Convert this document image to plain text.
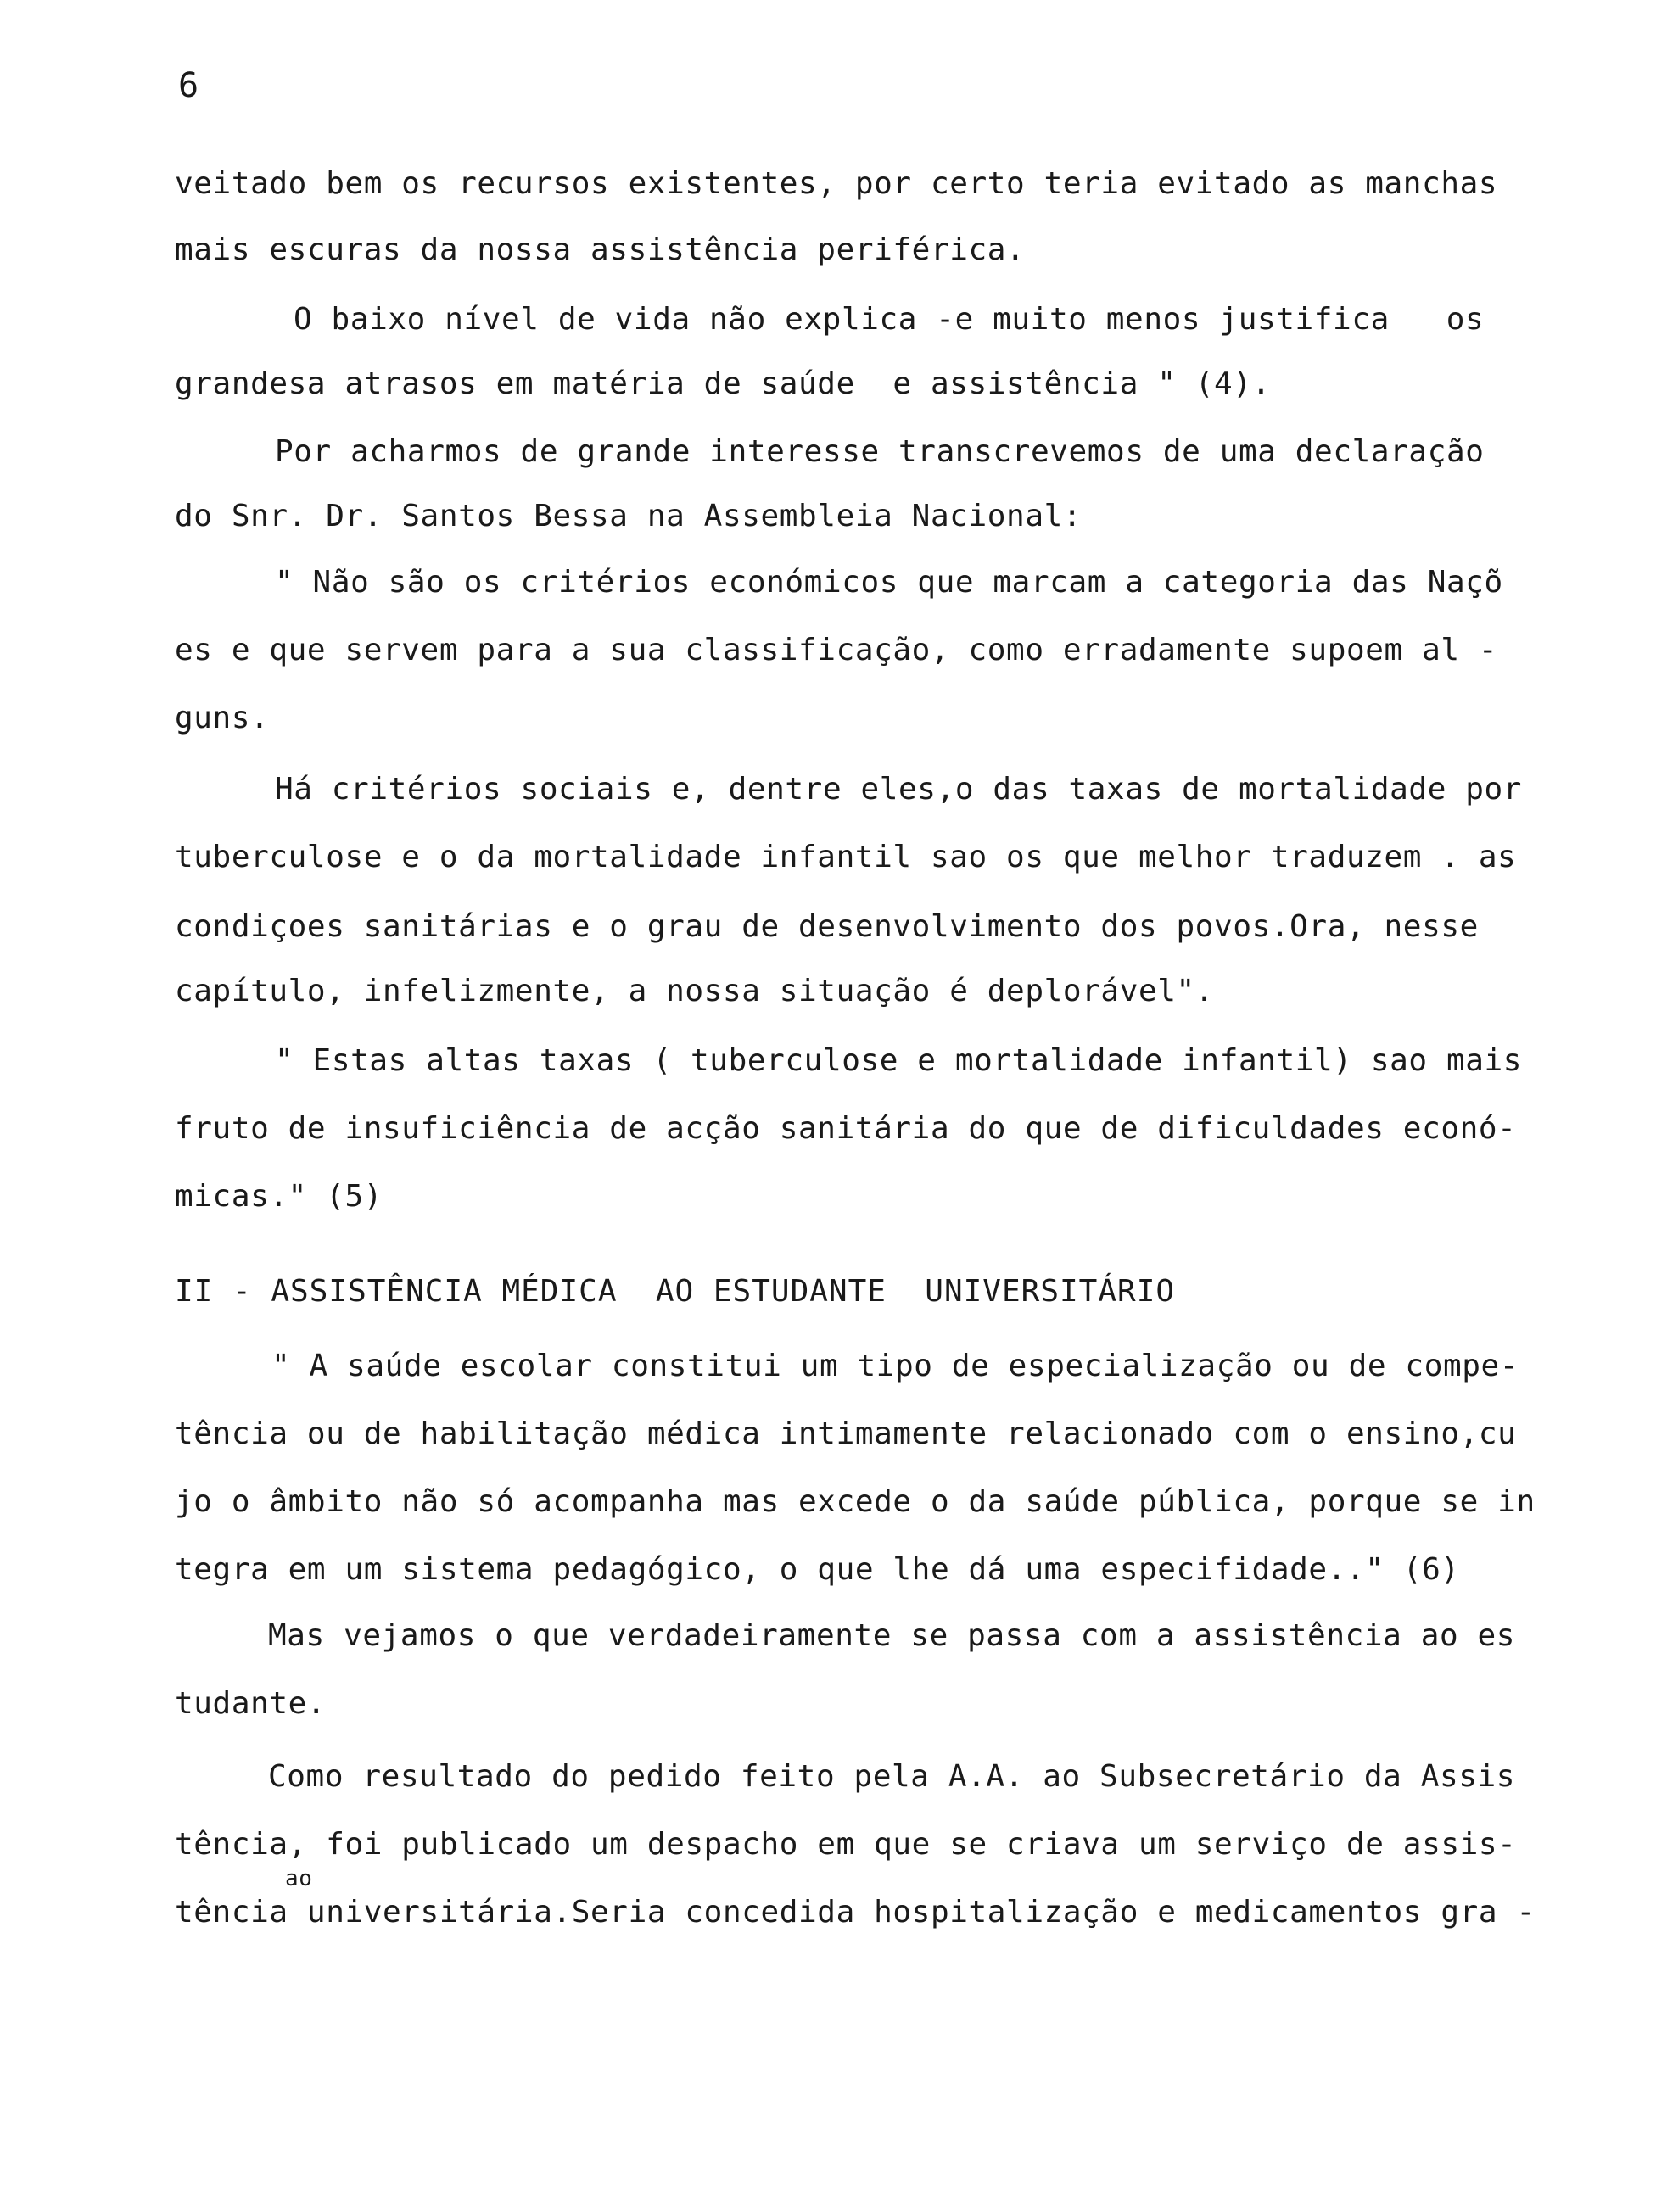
6
veitado bem os recursos existentes, por certo teria evitado as manchas
mais escuras da nossa assistência periférica.
O baixo nível de vida não explica -e muito menos justifica   os
grandesa atrasos em matéria de saúde  e assistência " (4).
Por acharmos de grande interesse transcrevemos de uma declaração
do Snr. Dr. Santos Bessa na Assembleia Nacional:
" Não são os critérios económicos que marcam a categoria das Naçõ
es e que servem para a sua classificação, como erradamente supoem al -
guns.
Há critérios sociais e, dentre eles,o das taxas de mortalidade por
tuberculose e o da mortalidade infantil sao os que melhor traduzem . as
condiçoes sanitárias e o grau de desenvolvimento dos povos.Ora, nesse
capítulo, infelizmente, a nossa situação é deplorável".
" Estas altas taxas ( tuberculose e mortalidade infantil) sao mais
fruto de insuficiência de acção sanitária do que de dificuldades econó-
micas." (5)
II - ASSISTÊNCIA MÉDICA  AO ESTUDANTE  UNIVERSITÁRIO
" A saúde escolar constitui um tipo de especialização ou de compe-
tência ou de habilitação médica intimamente relacionado com o ensino,cu
jo o âmbito não só acompanha mas excede o da saúde pública, porque se in
tegra em um sistema pedagógico, o que lhe dá uma especifidade.." (6)
Mas vejamos o que verdadeiramente se passa com a assistência ao es
tudante.
Como resultado do pedido feito pela A.A. ao Subsecretário da Assis
tência, foi publicado um despacho em que se criava um serviço de assis-
ao
tência universitária.Seria concedida hospitalização e medicamentos gra -
